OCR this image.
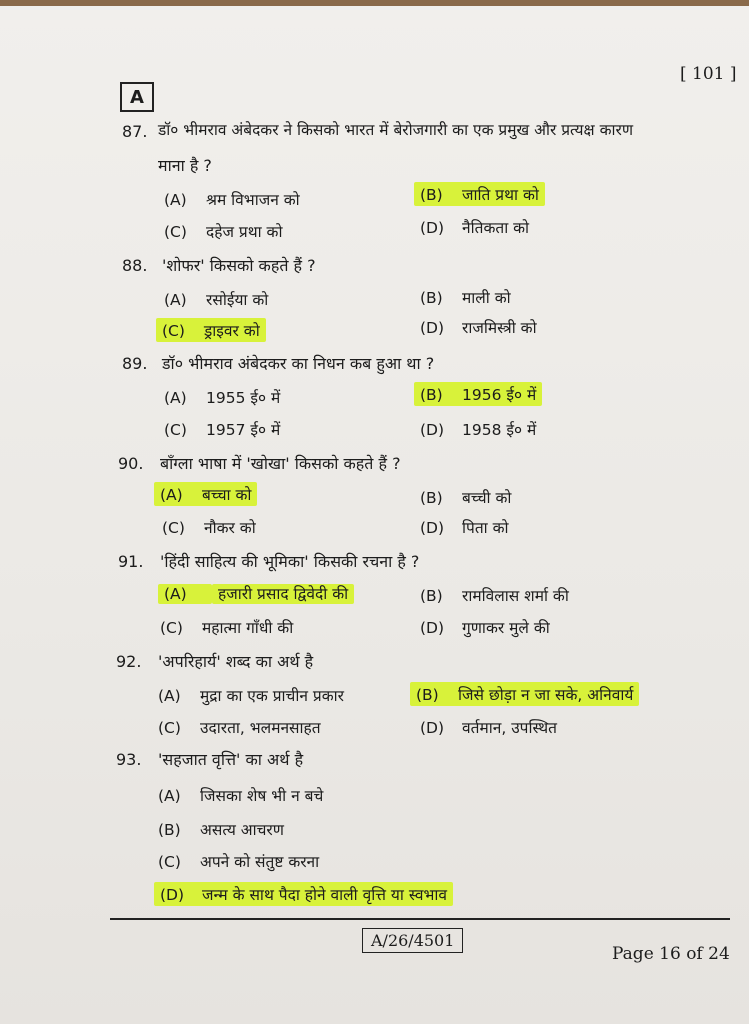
A
[ 101 ]
87. डॉ० भीमराव अंबेदकर ने किसको भारत में बेरोजगारी का एक प्रमुख और प्रत्यक्ष कारण
माना है ?
(A) श्रम विभाजन को	(B) जाति प्रथा को
(C) दहेज प्रथा को	(D) नैतिकता को
88. 'शोफर' किसको कहते हैं ?
(A) रसोईया को	(B) माली को
(C) ड्राइवर को	(D) राजमिस्त्री को
89. डॉ० भीमराव अंबेदकर का निधन कब हुआ था ?
(A) 1955 ई० में	(B) 1956 ई० में
(C) 1957 ई० में	(D) 1958 ई० में
90. बाँग्ला भाषा में 'खोखा' किसको कहते हैं ?
(A) बच्चा को	(B) बच्ची को
(C) नौकर को	(D) पिता को
91. 'हिंदी साहित्य की भूमिका' किसकी रचना है ?
(A) हजारी प्रसाद द्विवेदी की	(B) रामविलास शर्मा की
(C) महात्मा गाँधी की	(D) गुणाकर मुले की
92. 'अपरिहार्य' शब्द का अर्थ है
(A) मुद्रा का एक प्राचीन प्रकार	(B) जिसे छोड़ा न जा सके, अनिवार्य
(C) उदारता, भलमनसाहत	(D) वर्तमान, उपस्थित
93. 'सहजात वृत्ति' का अर्थ है
(A) जिसका शेष भी न बचे
(B) असत्य आचरण
(C) अपने को संतुष्ट करना
(D) जन्म के साथ पैदा होने वाली वृत्ति या स्वभाव
A/26/4501
Page 16 of 24
